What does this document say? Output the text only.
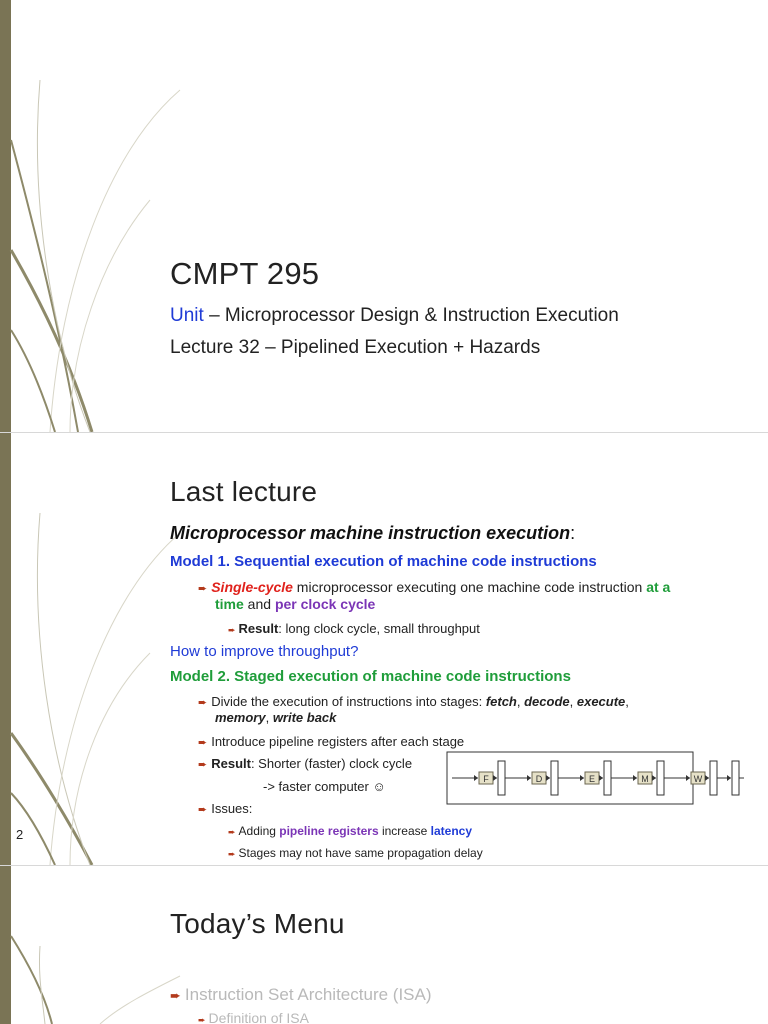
CMPT 295
Unit – Microprocessor Design & Instruction Execution
Lecture 32 – Pipelined Execution + Hazards
Last lecture
Microprocessor machine instruction execution:
Model 1. Sequential execution of machine code instructions
➨ Single-cycle microprocessor executing one machine code instruction at a
time and per clock cycle
➨ Result: long clock cycle, small throughput
How to improve throughput?
Model 2. Staged execution of machine code instructions
➨ Divide the execution of instructions into stages: fetch, decode, execute,
memory, write back
➨ Introduce pipeline registers after each stage
➨ Result: Shorter (faster) clock cycle
-> faster computer ☺	F	D	E	M	W
➨ Issues:
➨ Adding pipeline registers increase latency
➨ Stages may not have same propagation delay
2
Today’s Menu
➨ Instruction Set Architecture (ISA)
➨ Definition of ISA
